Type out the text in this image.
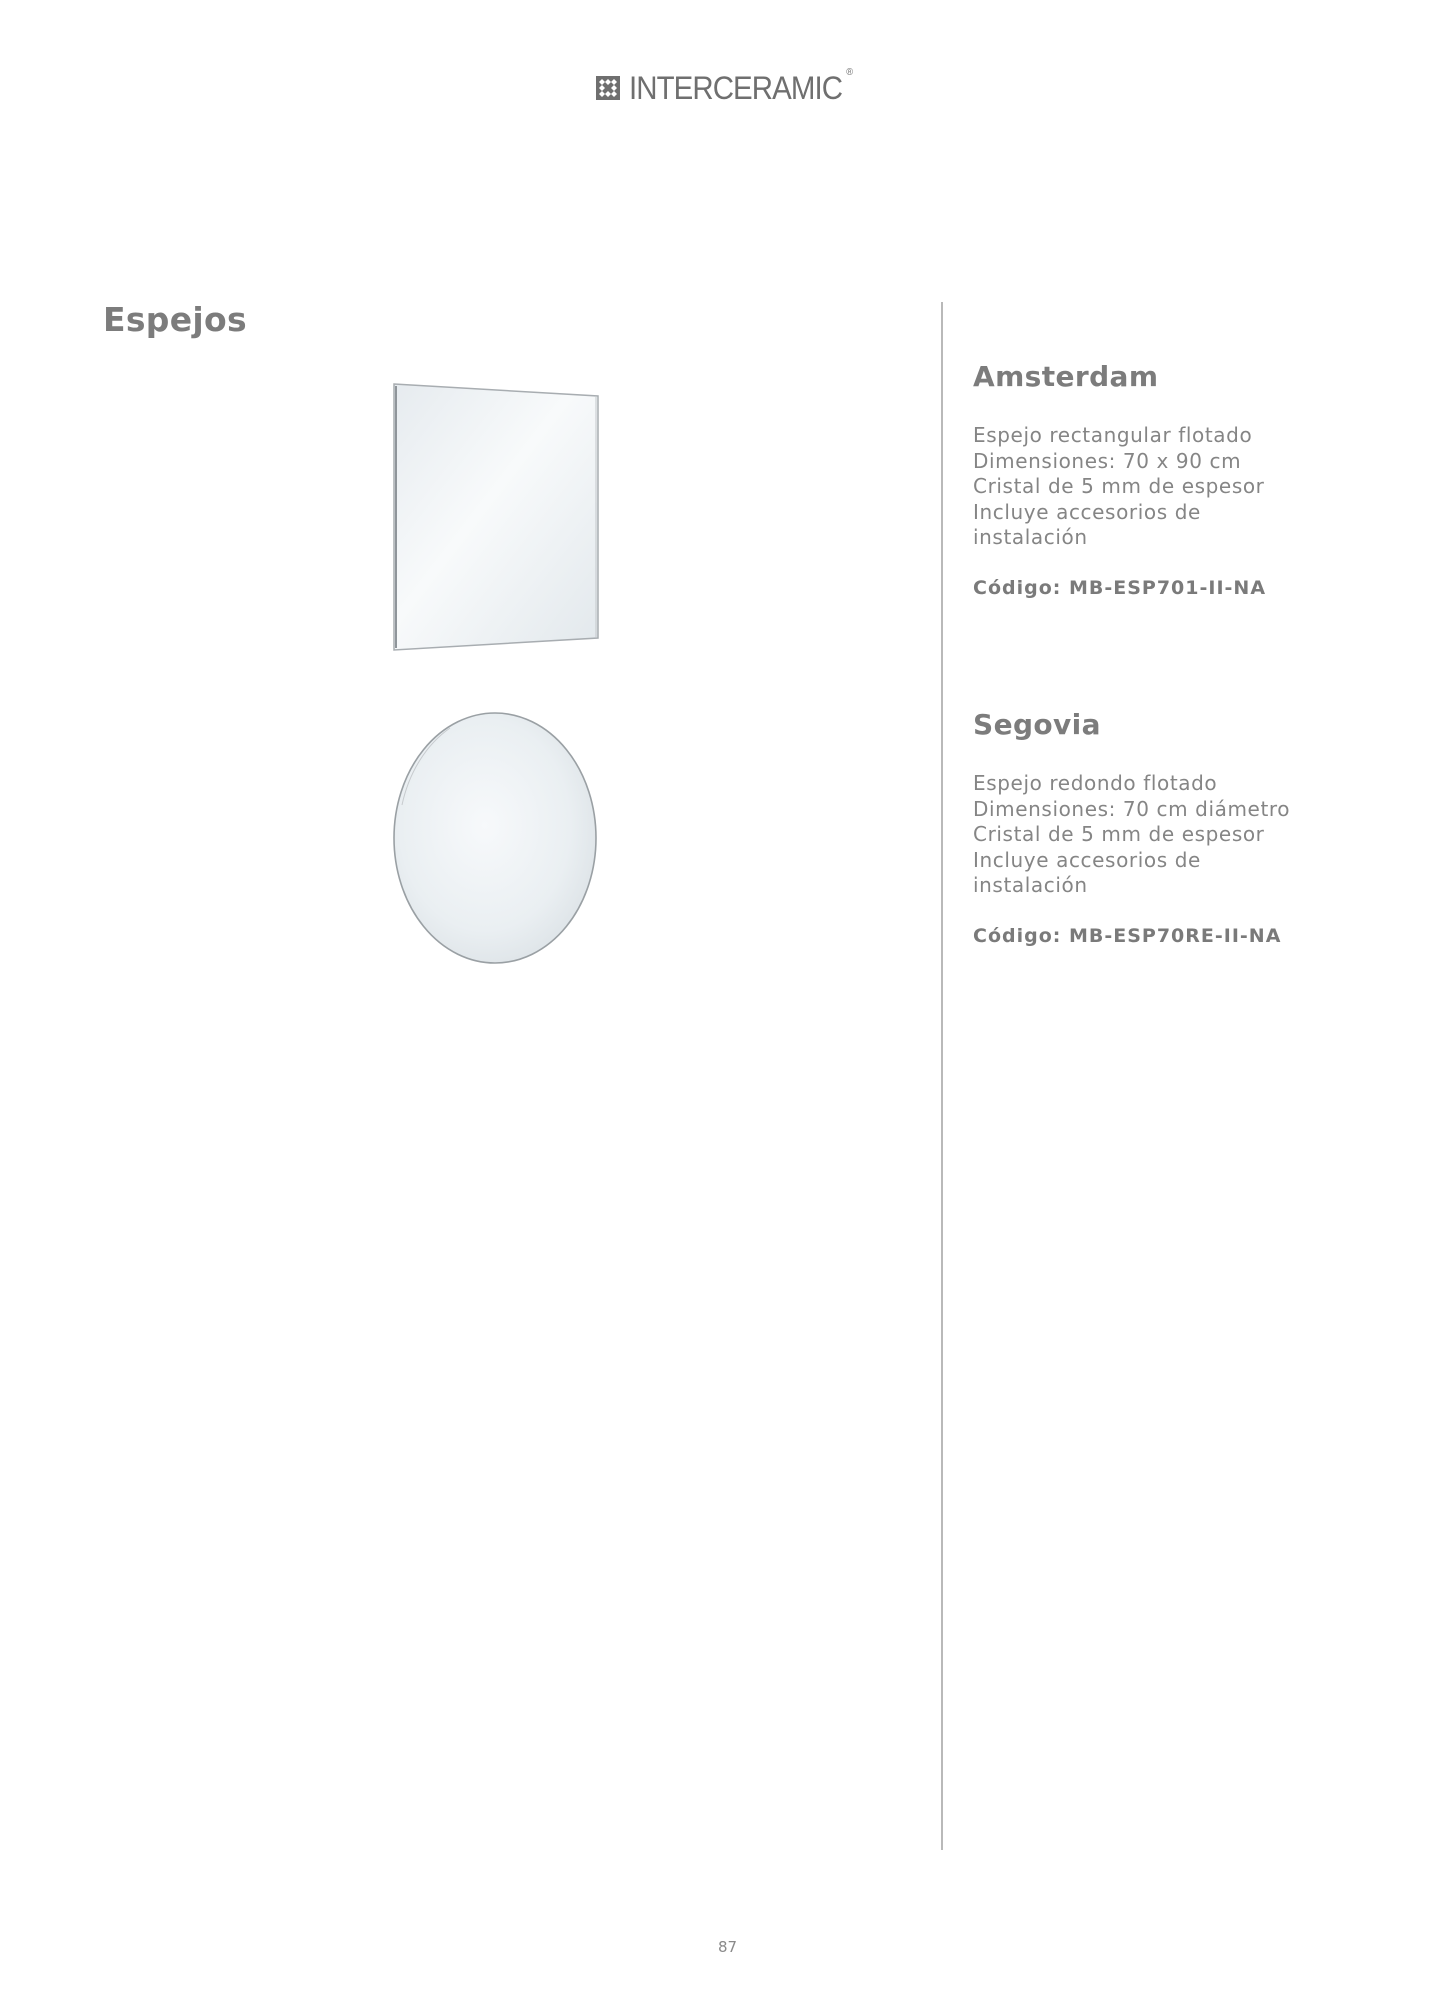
INTERCERAMIC ®
Espejos
Amsterdam
Espejo rectangular flotado
Dimensiones: 70 x 90 cm
Cristal de 5 mm de espesor
Incluye accesorios de
instalación
Código: MB-ESP701-II-NA
Segovia
Espejo redondo flotado
Dimensiones: 70 cm diámetro
Cristal de 5 mm de espesor
Incluye accesorios de
instalación
Código: MB-ESP70RE-II-NA
87
